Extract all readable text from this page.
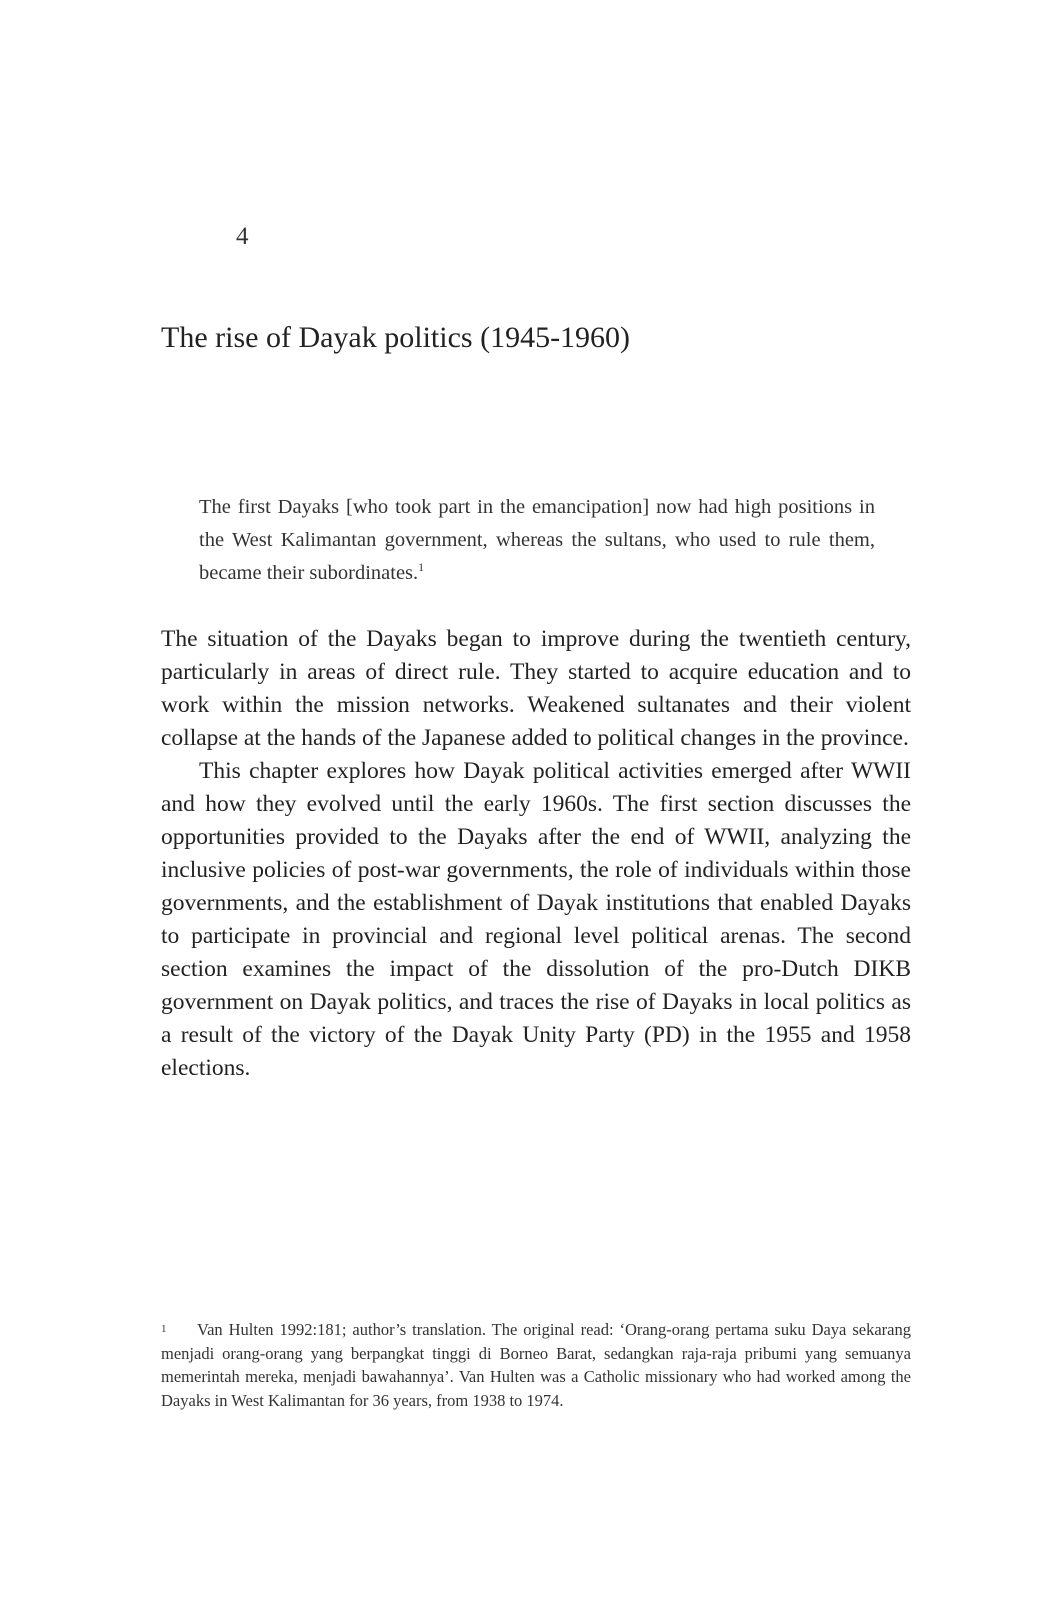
4
The rise of Dayak politics (1945-1960)
The first Dayaks [who took part in the emancipation] now had high positions in the West Kalimantan government, whereas the sultans, who used to rule them, became their subordinates.$^1$

The situation of the Dayaks began to improve during the twentieth century, particularly in areas of direct rule. They started to acquire education and to work within the mission networks. Weakened sultanates and their violent collapse at the hands of the Japanese added to political changes in the province.

This chapter explores how Dayak political activities emerged after WWII and how they evolved until the early 1960s. The first section discusses the opportunities provided to the Dayaks after the end of WWII, analyzing the inclusive policies of post-war governments, the role of individuals within those governments, and the establishment of Dayak institutions that enabled Dayaks to participate in provincial and regional level political arenas. The second section examines the impact of the dissolution of the pro-Dutch DIKB government on Dayak politics, and traces the rise of Dayaks in local politics as a result of the victory of the Dayak Unity Party (PD) in the 1955 and 1958 elections.

1 Van Hulten 1992:181; author’s translation. The original read: ‘Orang-orang pertama suku Daya sekarang menjadi orang-orang yang berpangkat tinggi di Borneo Barat, sedangkan raja-raja pribumi yang semuanya memerintah mereka, menjadi bawahannya’. Van Hulten was a Catholic missionary who had worked among the Dayaks in West Kalimantan for 36 years, from 1938 to 1974.
